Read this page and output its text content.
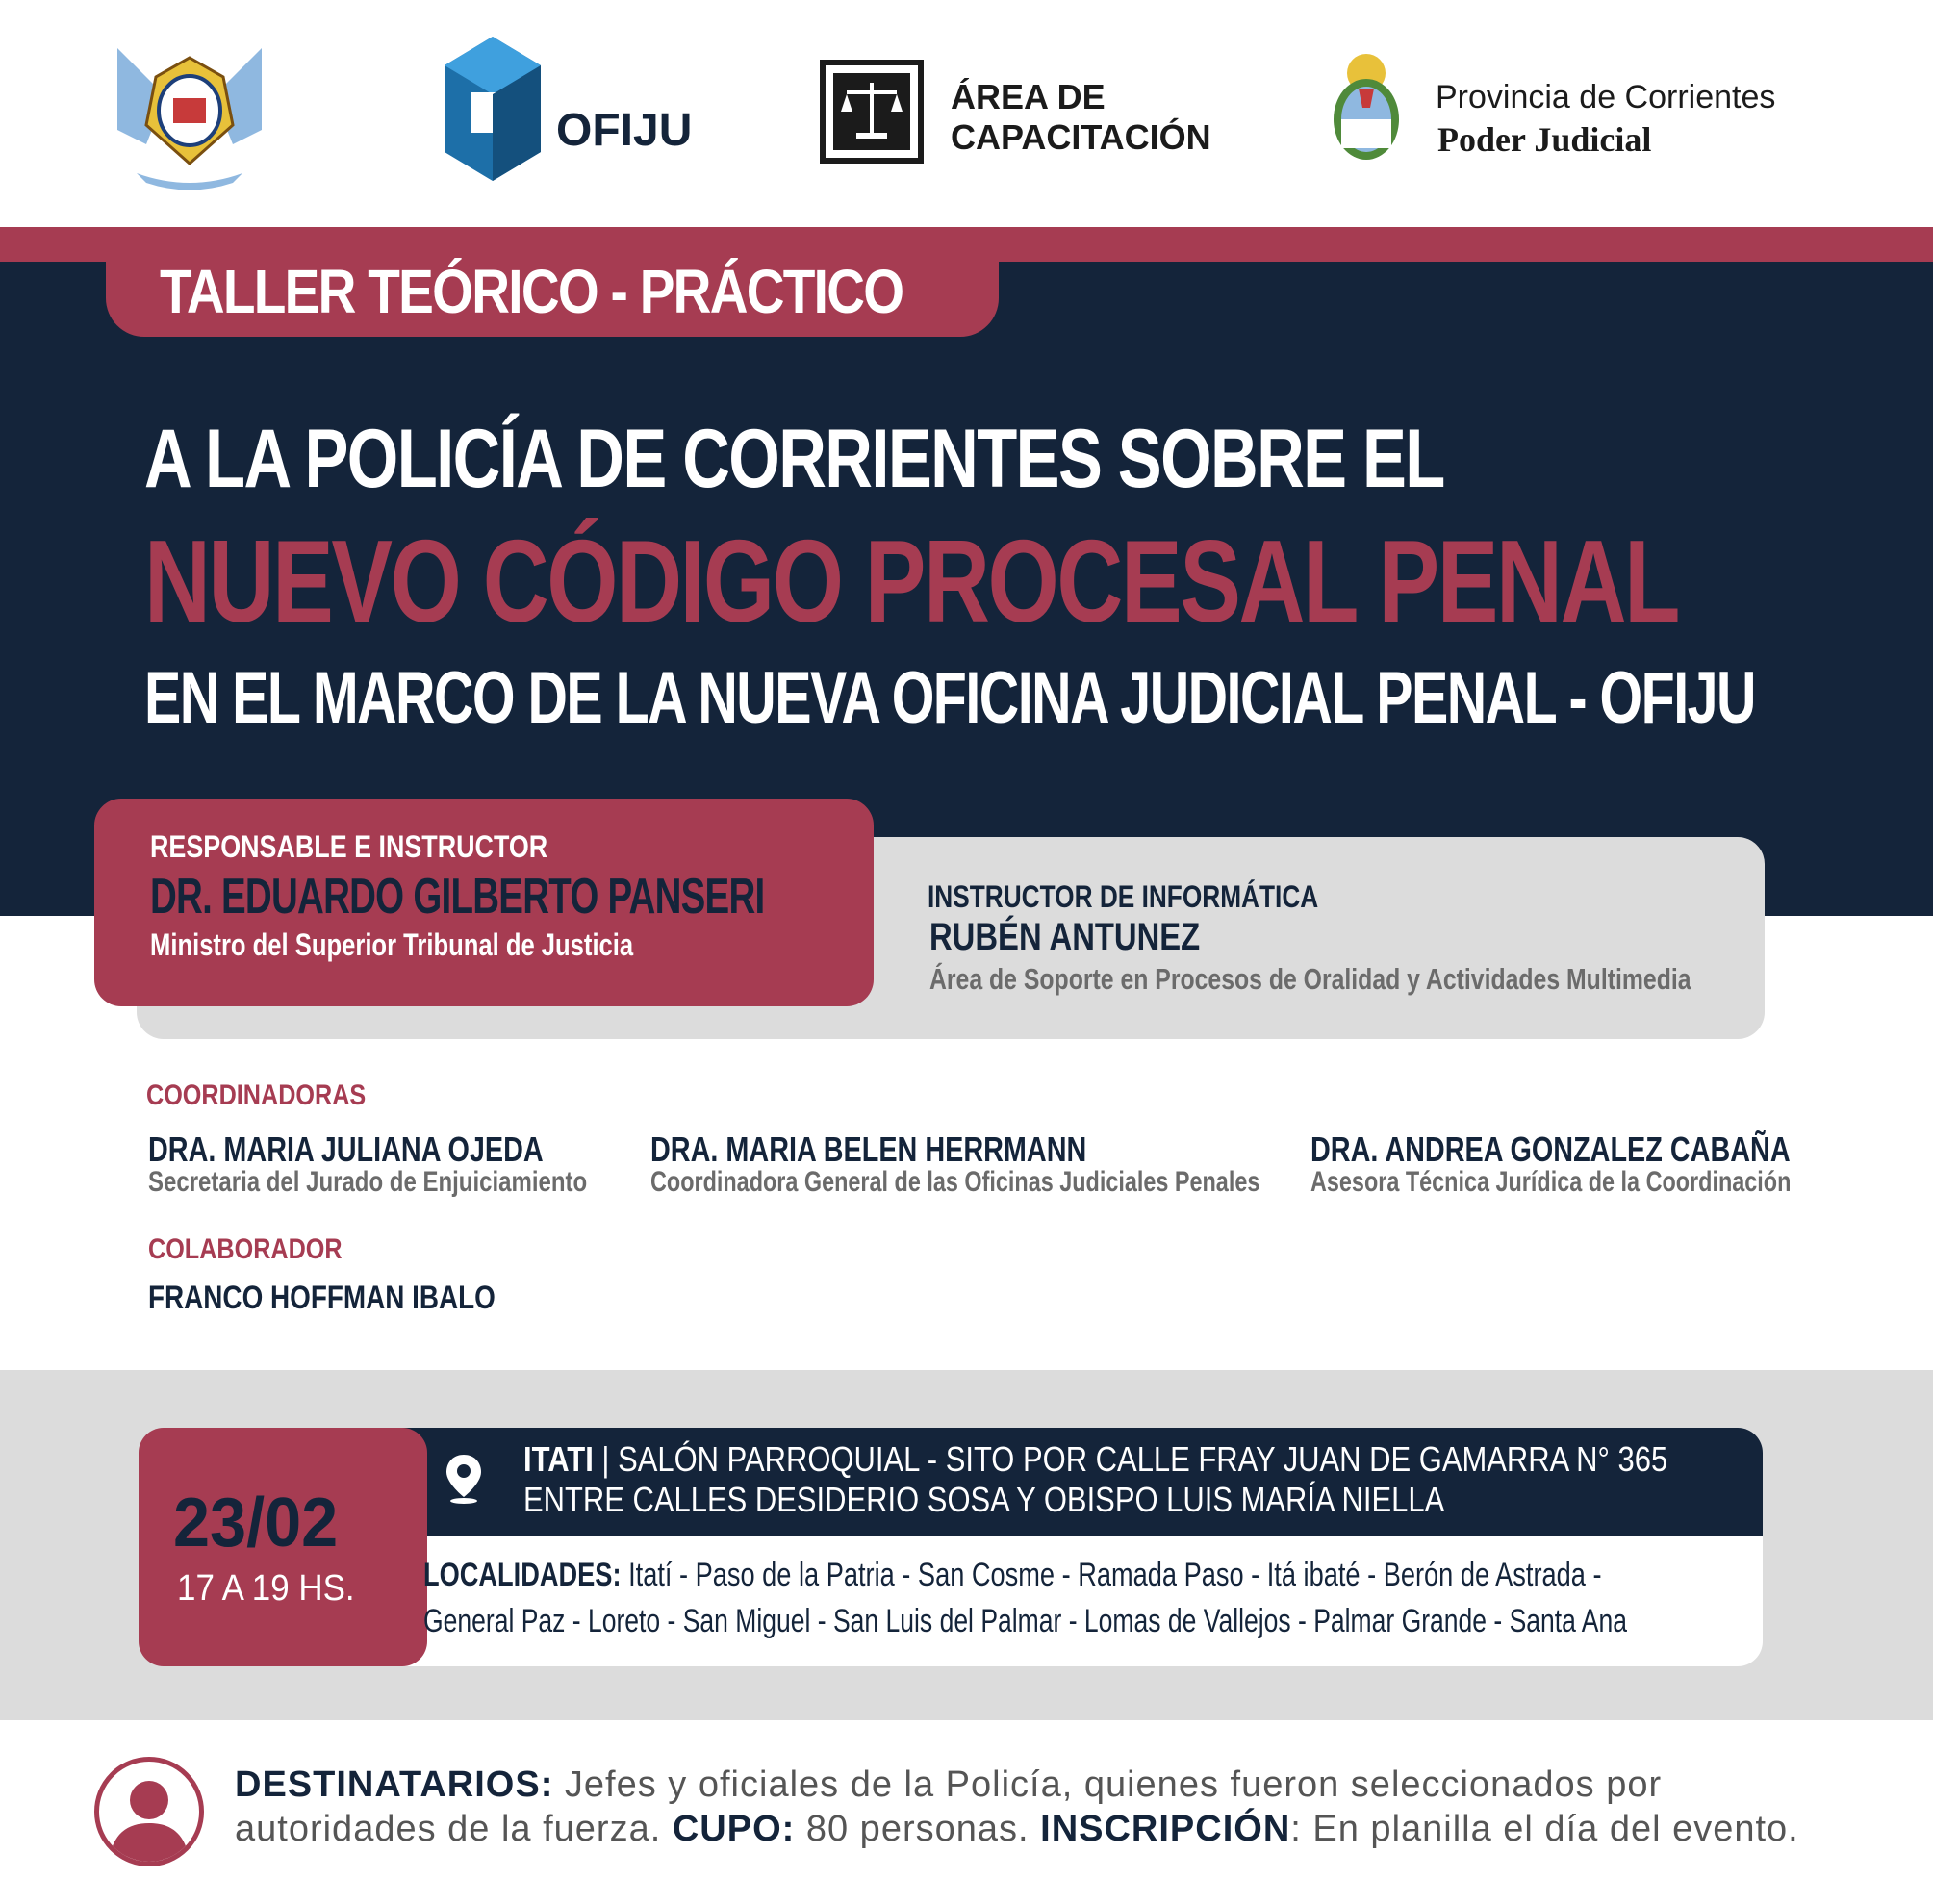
OFIJU
ÁREA DE
CAPACITACIÓN
Provincia de Corrientes
Poder Judicial
TALLER TEÓRICO - PRÁCTICO
A LA POLICÍA DE CORRIENTES SOBRE EL
NUEVO CÓDIGO PROCESAL PENAL
EN EL MARCO DE LA NUEVA OFICINA JUDICIAL PENAL - OFIJU
RESPONSABLE E INSTRUCTOR
DR. EDUARDO GILBERTO PANSERI
Ministro del Superior Tribunal de Justicia
INSTRUCTOR DE INFORMÁTICA
RUBÉN ANTUNEZ
Área de Soporte en Procesos de Oralidad y Actividades Multimedia
COORDINADORAS
DRA. MARIA JULIANA OJEDA
Secretaria del Jurado de Enjuiciamiento
DRA. MARIA BELEN HERRMANN
Coordinadora General de las Oficinas Judiciales Penales
DRA. ANDREA GONZALEZ CABAÑA
Asesora Técnica Jurídica de la Coordinación
COLABORADOR
FRANCO HOFFMAN IBALO
23/02
17 A 19 HS.
ITATI | SALÓN PARROQUIAL - SITO POR CALLE FRAY JUAN DE GAMARRA N° 365
ENTRE CALLES DESIDERIO SOSA Y OBISPO LUIS MARÍA NIELLA
LOCALIDADES: Itatí - Paso de la Patria - San Cosme - Ramada Paso - Itá ibaté - Berón de Astrada -
General Paz - Loreto - San Miguel - San Luis del Palmar - Lomas de Vallejos - Palmar Grande - Santa Ana
DESTINATARIOS: Jefes y oficiales de la Policía, quienes fueron seleccionados por
autoridades de la fuerza. CUPO: 80 personas. INSCRIPCIÓN: En planilla el día del evento.
